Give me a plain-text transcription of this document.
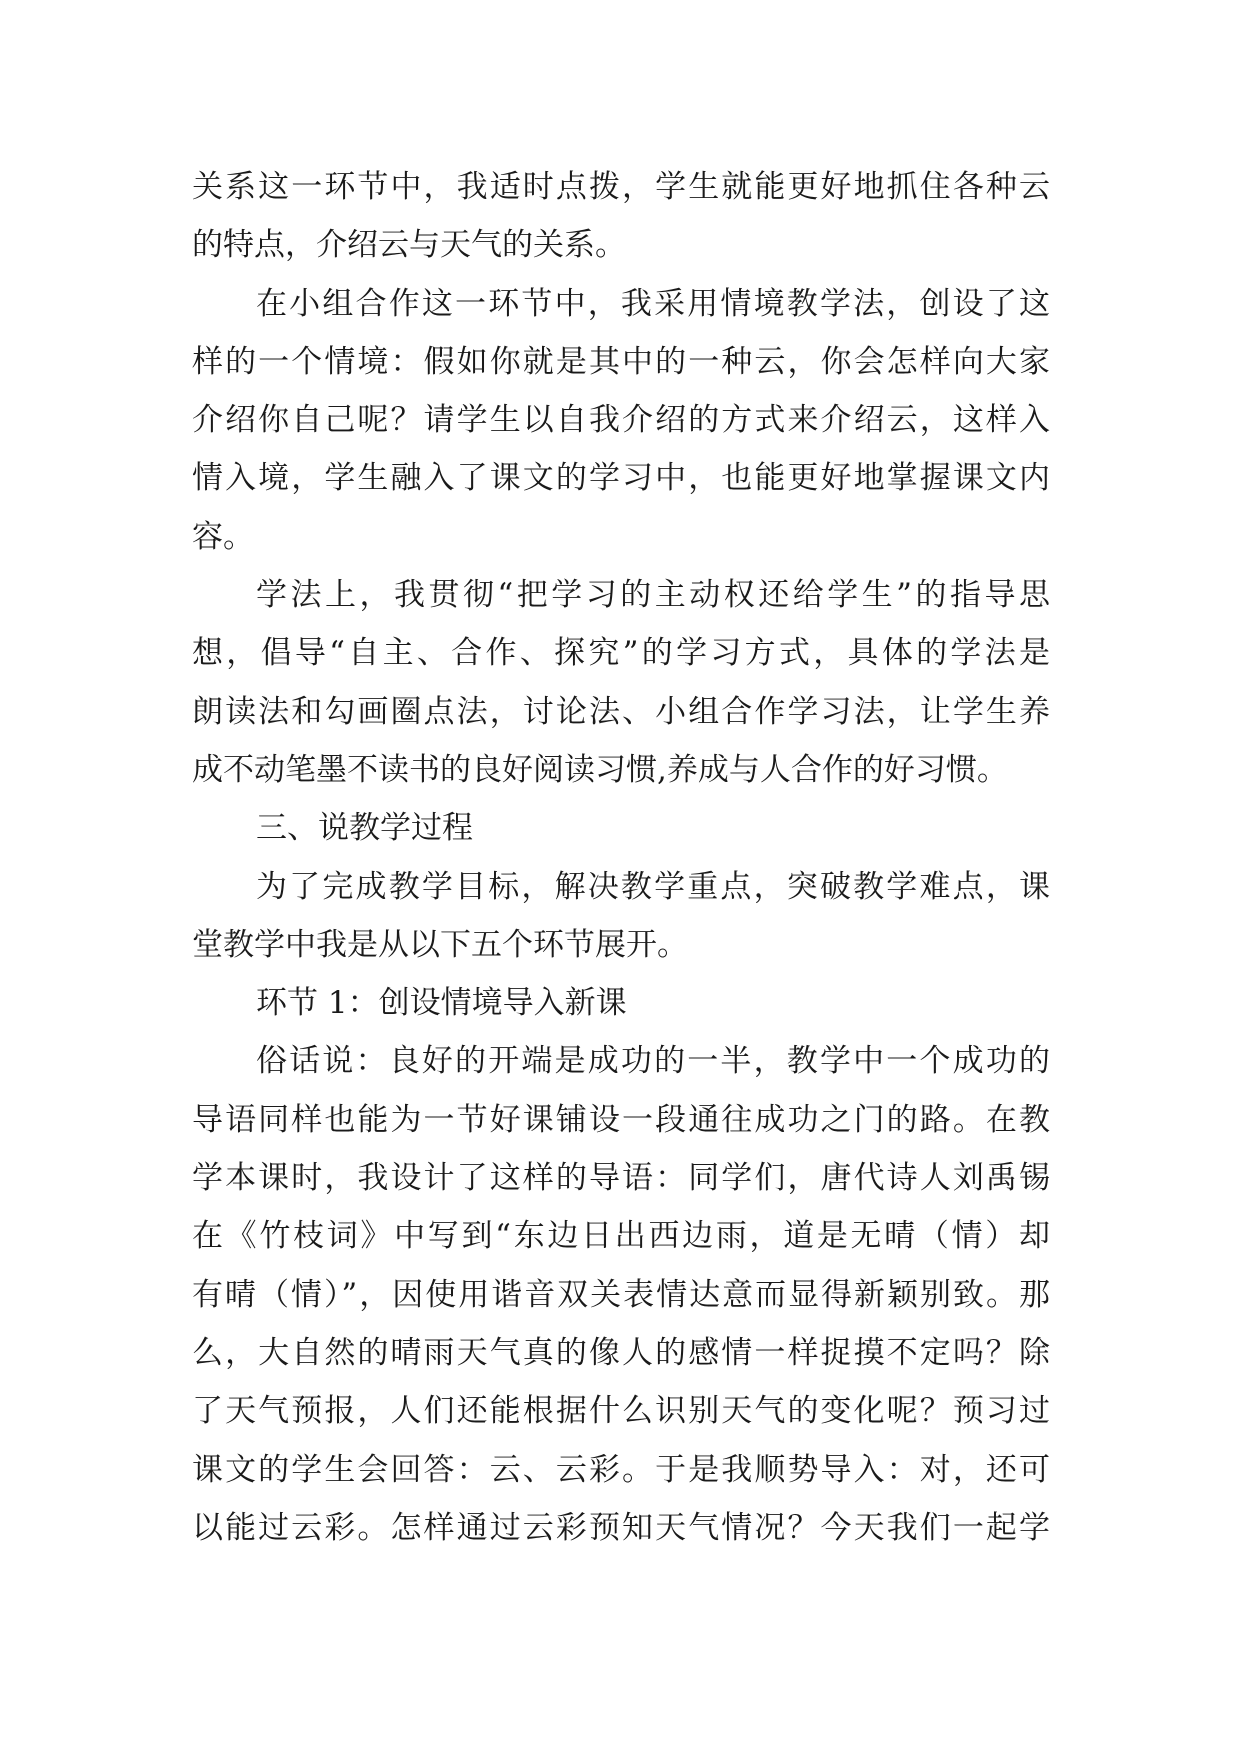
关系这一环节中，我适时点拨，学生就能更好地抓住各种云
的特点，介绍云与天气的关系。
在小组合作这一环节中，我采用情境教学法，创设了这
样的一个情境：假如你就是其中的一种云，你会怎样向大家
介绍你自己呢？请学生以自我介绍的方式来介绍云，这样入
情入境，学生融入了课文的学习中，也能更好地掌握课文内
容。
学法上，我贯彻“把学习的主动权还给学生”的指导思
想，倡导“自主、合作、探究”的学习方式，具体的学法是
朗读法和勾画圈点法，讨论法、小组合作学习法，让学生养
成不动笔墨不读书的良好阅读习惯,养成与人合作的好习惯。
三、说教学过程
为了完成教学目标，解决教学重点，突破教学难点，课
堂教学中我是从以下五个环节展开。
环节 1：创设情境导入新课
俗话说：良好的开端是成功的一半，教学中一个成功的
导语同样也能为一节好课铺设一段通往成功之门的路。在教
学本课时，我设计了这样的导语：同学们，唐代诗人刘禹锡
在《竹枝词》中写到“东边日出西边雨，道是无晴（情）却
有晴（情）”，因使用谐音双关表情达意而显得新颖别致。那
么，大自然的晴雨天气真的像人的感情一样捉摸不定吗？除
了天气预报，人们还能根据什么识别天气的变化呢？预习过
课文的学生会回答：云、云彩。于是我顺势导入：对，还可
以能过云彩。怎样通过云彩预知天气情况？今天我们一起学
